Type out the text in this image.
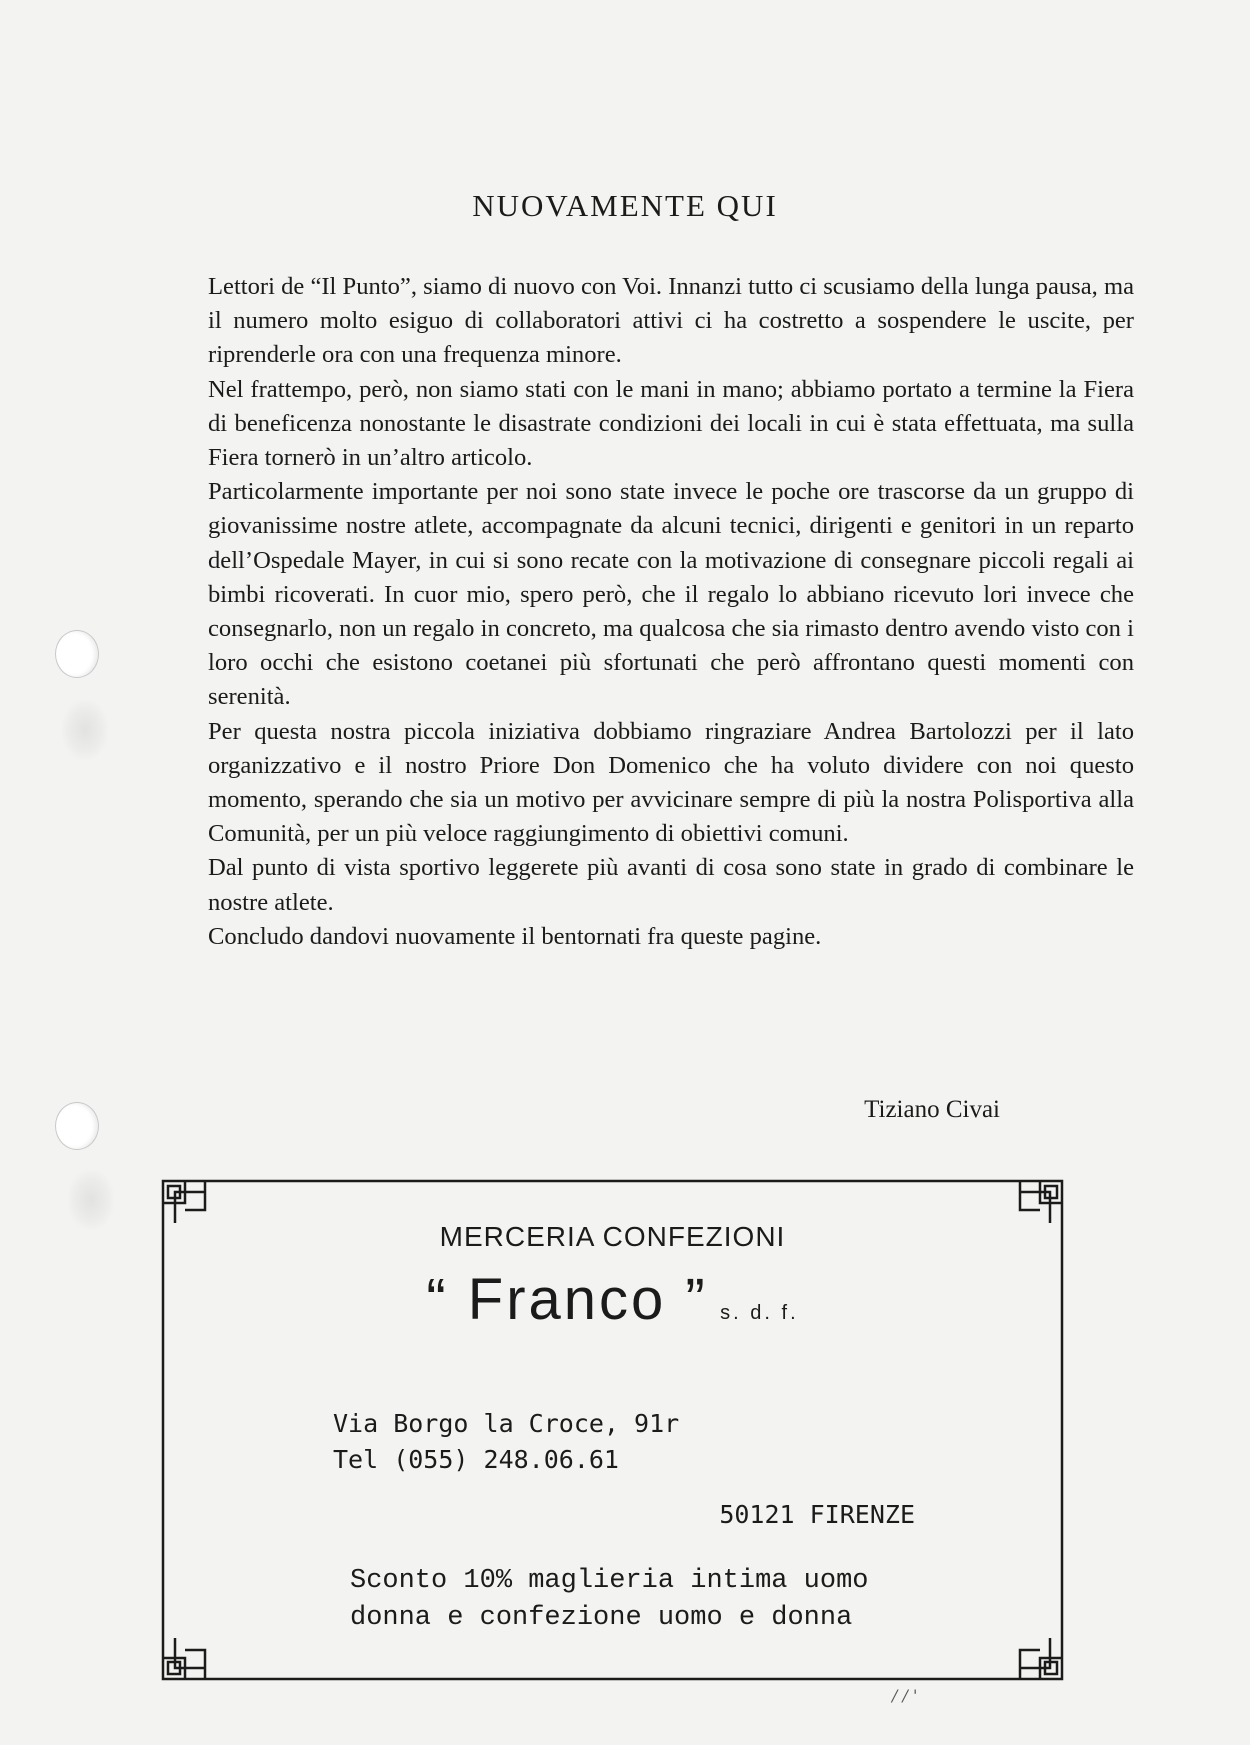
NUOVAMENTE QUI

Lettori de “Il Punto”, siamo di nuovo con Voi. Innanzi tutto ci scusiamo della lunga pausa, ma il numero molto esiguo di collaboratori attivi ci ha costretto a sospendere le uscite, per riprenderle ora con una frequenza minore.

Nel frattempo, però, non siamo stati con le mani in mano; abbiamo portato a termine la Fiera di beneficenza nonostante le disastrate condizioni dei locali in cui è stata effettuata, ma sulla Fiera tornerò in un’altro articolo.

Particolarmente importante per noi sono state invece le poche ore trascorse da un gruppo di giovanissime nostre atlete, accompagnate da alcuni tecnici, dirigenti e genitori in un reparto dell’Ospedale Mayer, in cui si sono recate con la motivazione di consegnare piccoli regali ai bimbi ricoverati. In cuor mio, spero però, che il regalo lo abbiano ricevuto lori invece che consegnarlo, non un regalo in concreto, ma qualcosa che sia rimasto dentro avendo visto con i loro occhi che esistono coetanei più sfortunati che però affrontano questi momenti con serenità.

Per questa nostra piccola iniziativa dobbiamo ringraziare Andrea Bartolozzi per il lato organizzativo e il nostro Priore Don Domenico che ha voluto dividere con noi questo momento, sperando che sia un motivo per avvicinare sempre di più la nostra Polisportiva alla Comunità, per un più veloce raggiungimento di obiettivi comuni.

Dal punto di vista sportivo leggerete più avanti di cosa sono state in grado di combinare le nostre atlete.

Concludo dandovi nuovamente il bentornati fra queste pagine.

Tiziano Civai
MERCERIA CONFEZIONI
“ Franco ” s. d. f.
Via Borgo la Croce, 91r
Tel (055) 248.06.61
50121 FIRENZE
Sconto 10% maglieria intima uomo
donna e confezione uomo e donna
/ / '
